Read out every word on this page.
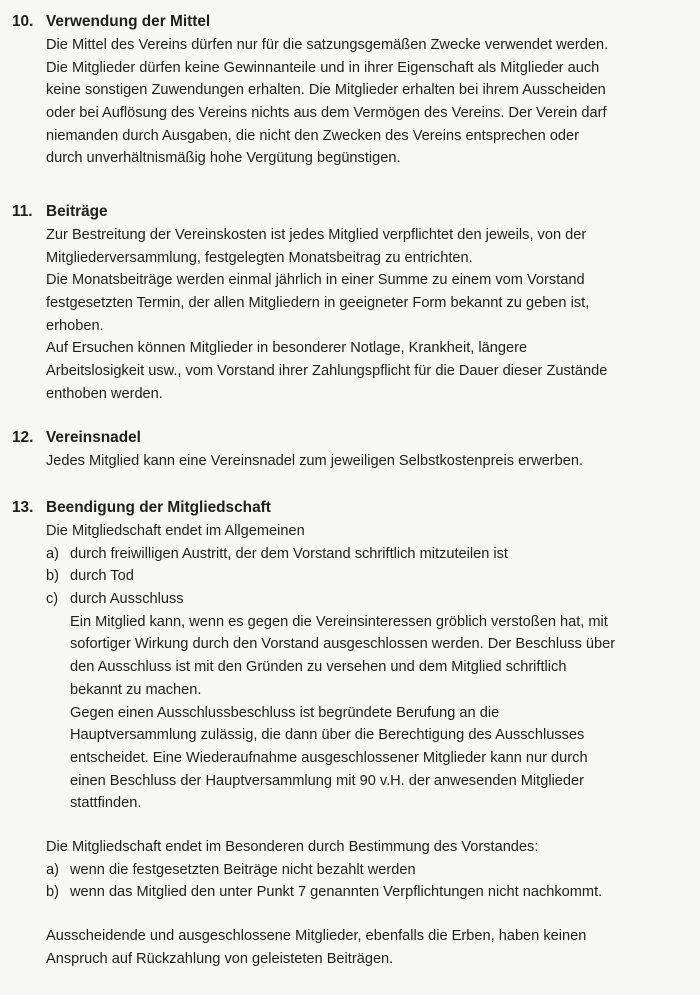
10. Verwendung der Mittel
Die Mittel des Vereins dürfen nur für die satzungsgemäßen Zwecke verwendet werden.
Die Mitglieder dürfen keine Gewinnanteile und in ihrer Eigenschaft als Mitglieder auch
keine sonstigen Zuwendungen erhalten. Die Mitglieder erhalten bei ihrem Ausscheiden
oder bei Auflösung des Vereins nichts aus dem Vermögen des Vereins. Der Verein darf
niemanden durch Ausgaben, die nicht den Zwecken des Vereins entsprechen oder
durch unverhältnismäßig hohe Vergütung begünstigen.
11. Beiträge
Zur Bestreitung der Vereinskosten ist jedes Mitglied verpflichtet den jeweils, von der
Mitgliederversammlung, festgelegten Monatsbeitrag zu entrichten.
Die Monatsbeiträge werden einmal jährlich in einer Summe zu einem vom Vorstand
festgesetzten Termin, der allen Mitgliedern in geeigneter Form bekannt zu geben ist,
erhoben.
Auf Ersuchen können Mitglieder in besonderer Notlage, Krankheit, längere
Arbeitslosigkeit usw., vom Vorstand ihrer Zahlungspflicht für die Dauer dieser Zustände
enthoben werden.
12. Vereinsnadel
Jedes Mitglied kann eine Vereinsnadel zum jeweiligen Selbstkostenpreis erwerben.
13. Beendigung der Mitgliedschaft
Die Mitgliedschaft endet im Allgemeinen
a) durch freiwilligen Austritt, der dem Vorstand schriftlich mitzuteilen ist
b) durch Tod
c) durch Ausschluss
Ein Mitglied kann, wenn es gegen die Vereinsinteressen gröblich verstoßen hat, mit
sofortiger Wirkung durch den Vorstand ausgeschlossen werden. Der Beschluss über
den Ausschluss ist mit den Gründen zu versehen und dem Mitglied schriftlich
bekannt zu machen.
Gegen einen Ausschlussbeschluss ist begründete Berufung an die
Hauptversammlung zulässig, die dann über die Berechtigung des Ausschlusses
entscheidet. Eine Wiederaufnahme ausgeschlossener Mitglieder kann nur durch
einen Beschluss der Hauptversammlung mit 90 v.H. der anwesenden Mitglieder
stattfinden.
Die Mitgliedschaft endet im Besonderen durch Bestimmung des Vorstandes:
a) wenn die festgesetzten Beiträge nicht bezahlt werden
b) wenn das Mitglied den unter Punkt 7 genannten Verpflichtungen nicht nachkommt.
Ausscheidende und ausgeschlossene Mitglieder, ebenfalls die Erben, haben keinen
Anspruch auf Rückzahlung von geleisteten Beiträgen.
